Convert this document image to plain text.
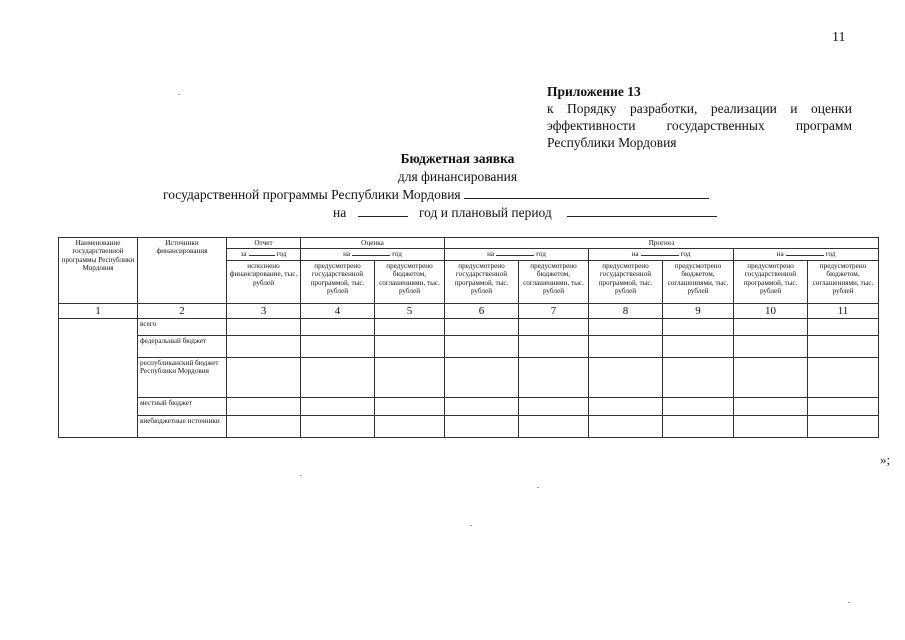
11
Приложение 13
к Порядку разработки, реализации и оценки
эффективности государственных программ
Республики Мордовия
Бюджетная заявка
для финансирования
государственной программы Республики Мордовия
на	год и плановый период
Наименование государственной программы Республики Мордовия	Источники финансирования	Отчет	Оценка		Прогноз					

		за год	на год		на год		на год		на год	
		исполнено финансирование, тыс. рублей	предусмотрено государственной программой, тыс. рублей	предусмотрено бюджетом, соглашениями, тыс. рублей	предусмотрено государственной программой, тыс. рублей	предусмотрено бюджетом, соглашениями, тыс. рублей	предусмотрено государственной программой, тыс. рублей	предусмотрено бюджетом, соглашениями, тыс. рублей	предусмотрено государственной программой, тыс. рублей	предусмотрено бюджетом, соглашениями, тыс. рублей
1	2	3	4	5	6	7	8	9	10	11
	всего									
	федеральный бюджет									
	республиканский бюджет Республики Мордовия									
	местный бюджет									
	внебюджетные источники									
»;
